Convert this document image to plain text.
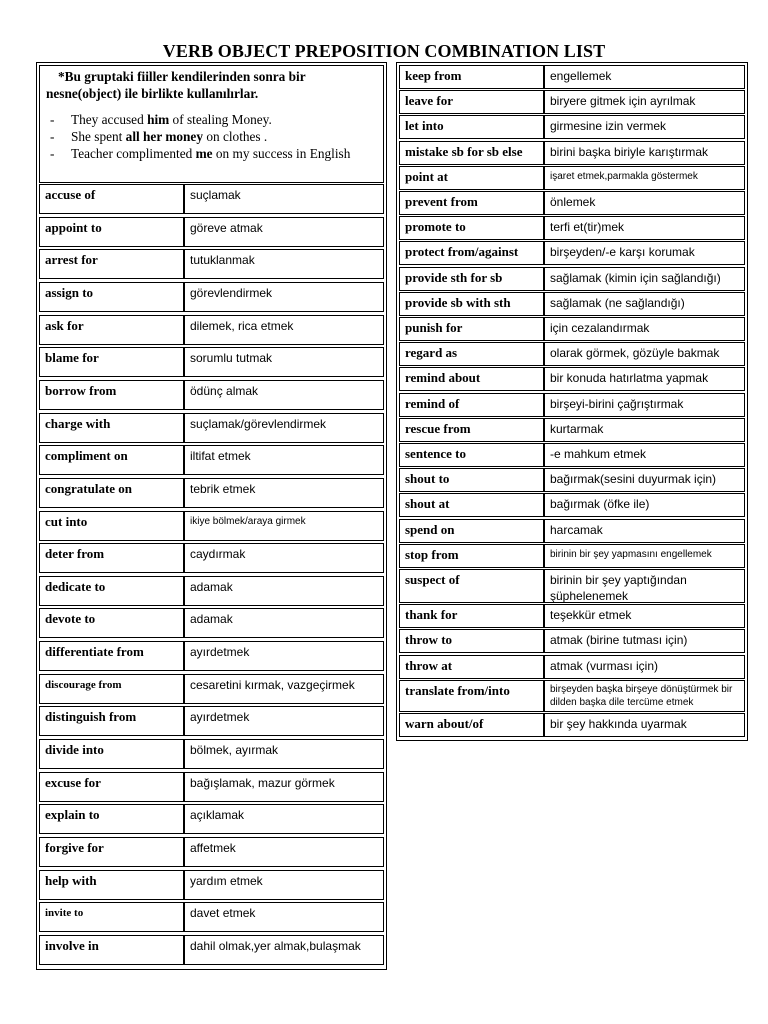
VERB OBJECT PREPOSITION COMBINATION LIST
*Bu gruptaki fiiller kendilerinden sonra bir nesne(object) ile birlikte kullanılırlar.
- They accused him of stealing Money.
- She spent all her money on clothes .
- Teacher complimented me on my success in English
accuse of	suçlamak
appoint to	göreve atmak
arrest for	tutuklanmak
assign to	görevlendirmek
ask for	dilemek, rica etmek
blame for	sorumlu tutmak
borrow from	ödünç almak
charge with	suçlamak/görevlendirmek
compliment on	iltifat etmek
congratulate on	tebrik etmek
cut into	ikiye bölmek/araya girmek
deter from	caydırmak
dedicate to	adamak
devote to	adamak
differentiate from	ayırdetmek
discourage from	cesaretini kırmak, vazgeçirmek
distinguish from	ayırdetmek
divide into	bölmek, ayırmak
excuse for	bağışlamak, mazur görmek
explain to	açıklamak
forgive for	affetmek
help with	yardım etmek
invite to	davet etmek
involve in	dahil olmak,yer almak,bulaşmak
keep from	engellemek
leave for	biryere gitmek için ayrılmak
let into	girmesine izin vermek
mistake sb for sb else	birini başka biriyle karıştırmak
point at	işaret etmek,parmakla göstermek
prevent from	önlemek
promote to	terfi et(tir)mek
protect from/against	birşeyden/-e karşı korumak
provide sth for sb	sağlamak (kimin için sağlandığı)
provide sb with sth	sağlamak (ne sağlandığı)
punish for	için cezalandırmak
regard as	olarak görmek, gözüyle bakmak
remind about	bir konuda hatırlatma yapmak
remind of	birşeyi-birini çağrıştırmak
rescue from	kurtarmak
sentence to	-e mahkum etmek
shout to	bağırmak(sesini duyurmak için)
shout at	bağırmak (öfke ile)
spend on	harcamak
stop from	birinin bir şey yapmasını engellemek
suspect of	birinin bir şey yaptığından şüphelenemek
thank for	teşekkür etmek
throw to	atmak (birine tutması için)
throw at	atmak (vurması için)
translate from/into	birşeyden başka birşeye dönüştürmek bir dilden başka dile tercüme etmek
warn about/of	bir şey hakkında uyarmak
